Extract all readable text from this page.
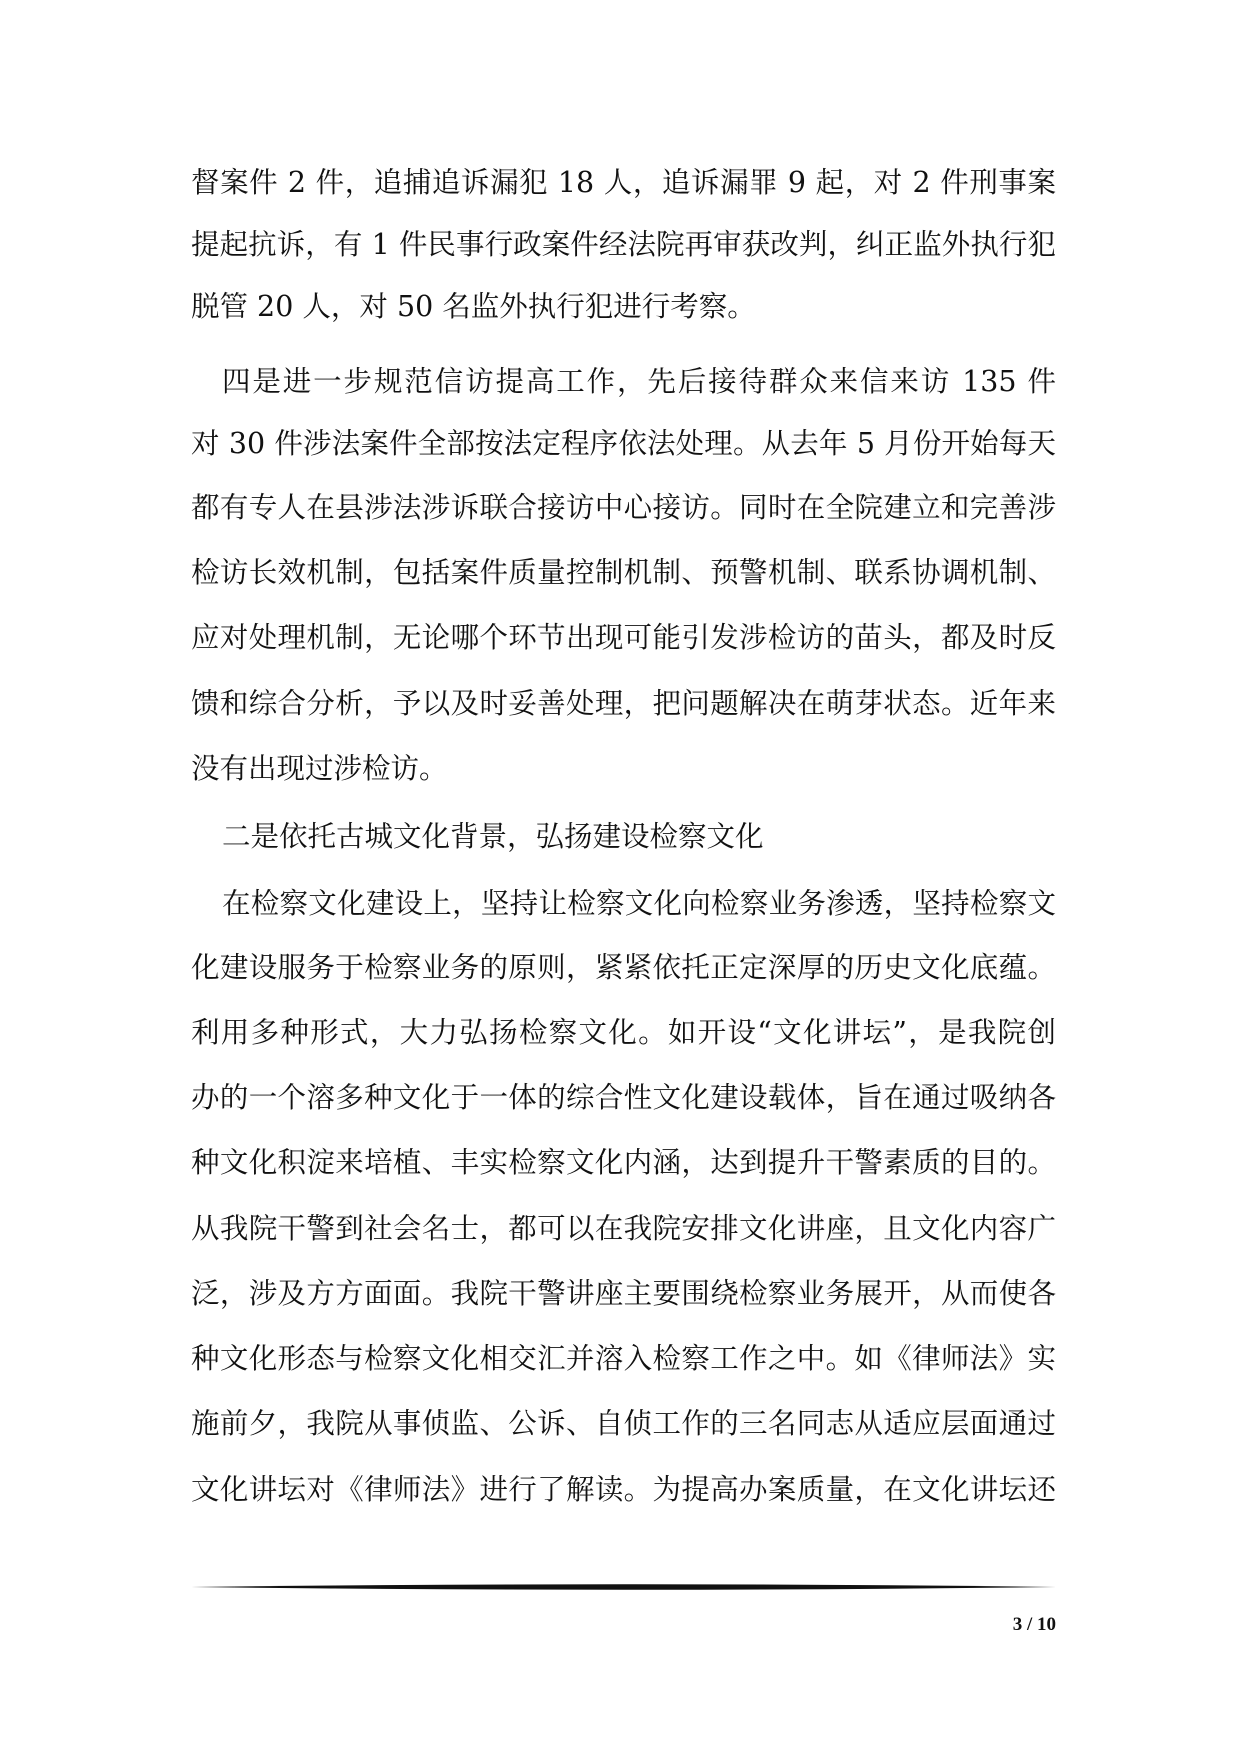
督案件 2 件，追捕追诉漏犯 18 人，追诉漏罪 9 起，对 2 件刑事案
提起抗诉，有 1 件民事行政案件经法院再审获改判，纠正监外执行犯
脱管 20 人，对 50 名监外执行犯进行考察。
四是进一步规范信访提高工作，先后接待群众来信来访 135 件
对 30 件涉法案件全部按法定程序依法处理。从去年 5 月份开始每天
都有专人在县涉法涉诉联合接访中心接访。同时在全院建立和完善涉
检访长效机制，包括案件质量控制机制、预警机制、联系协调机制、
应对处理机制，无论哪个环节出现可能引发涉检访的苗头，都及时反
馈和综合分析，予以及时妥善处理，把问题解决在萌芽状态。近年来
没有出现过涉检访。
二是依托古城文化背景，弘扬建设检察文化
在检察文化建设上，坚持让检察文化向检察业务渗透，坚持检察文
化建设服务于检察业务的原则，紧紧依托正定深厚的历史文化底蕴。
利用多种形式，大力弘扬检察文化。如开设“文化讲坛”，是我院创
办的一个溶多种文化于一体的综合性文化建设载体，旨在通过吸纳各
种文化积淀来培植、丰实检察文化内涵，达到提升干警素质的目的。
从我院干警到社会名士，都可以在我院安排文化讲座，且文化内容广
泛，涉及方方面面。我院干警讲座主要围绕检察业务展开，从而使各
种文化形态与检察文化相交汇并溶入检察工作之中。如《律师法》实
施前夕，我院从事侦监、公诉、自侦工作的三名同志从适应层面通过
文化讲坛对《律师法》进行了解读。为提高办案质量，在文化讲坛还
3 / 10
